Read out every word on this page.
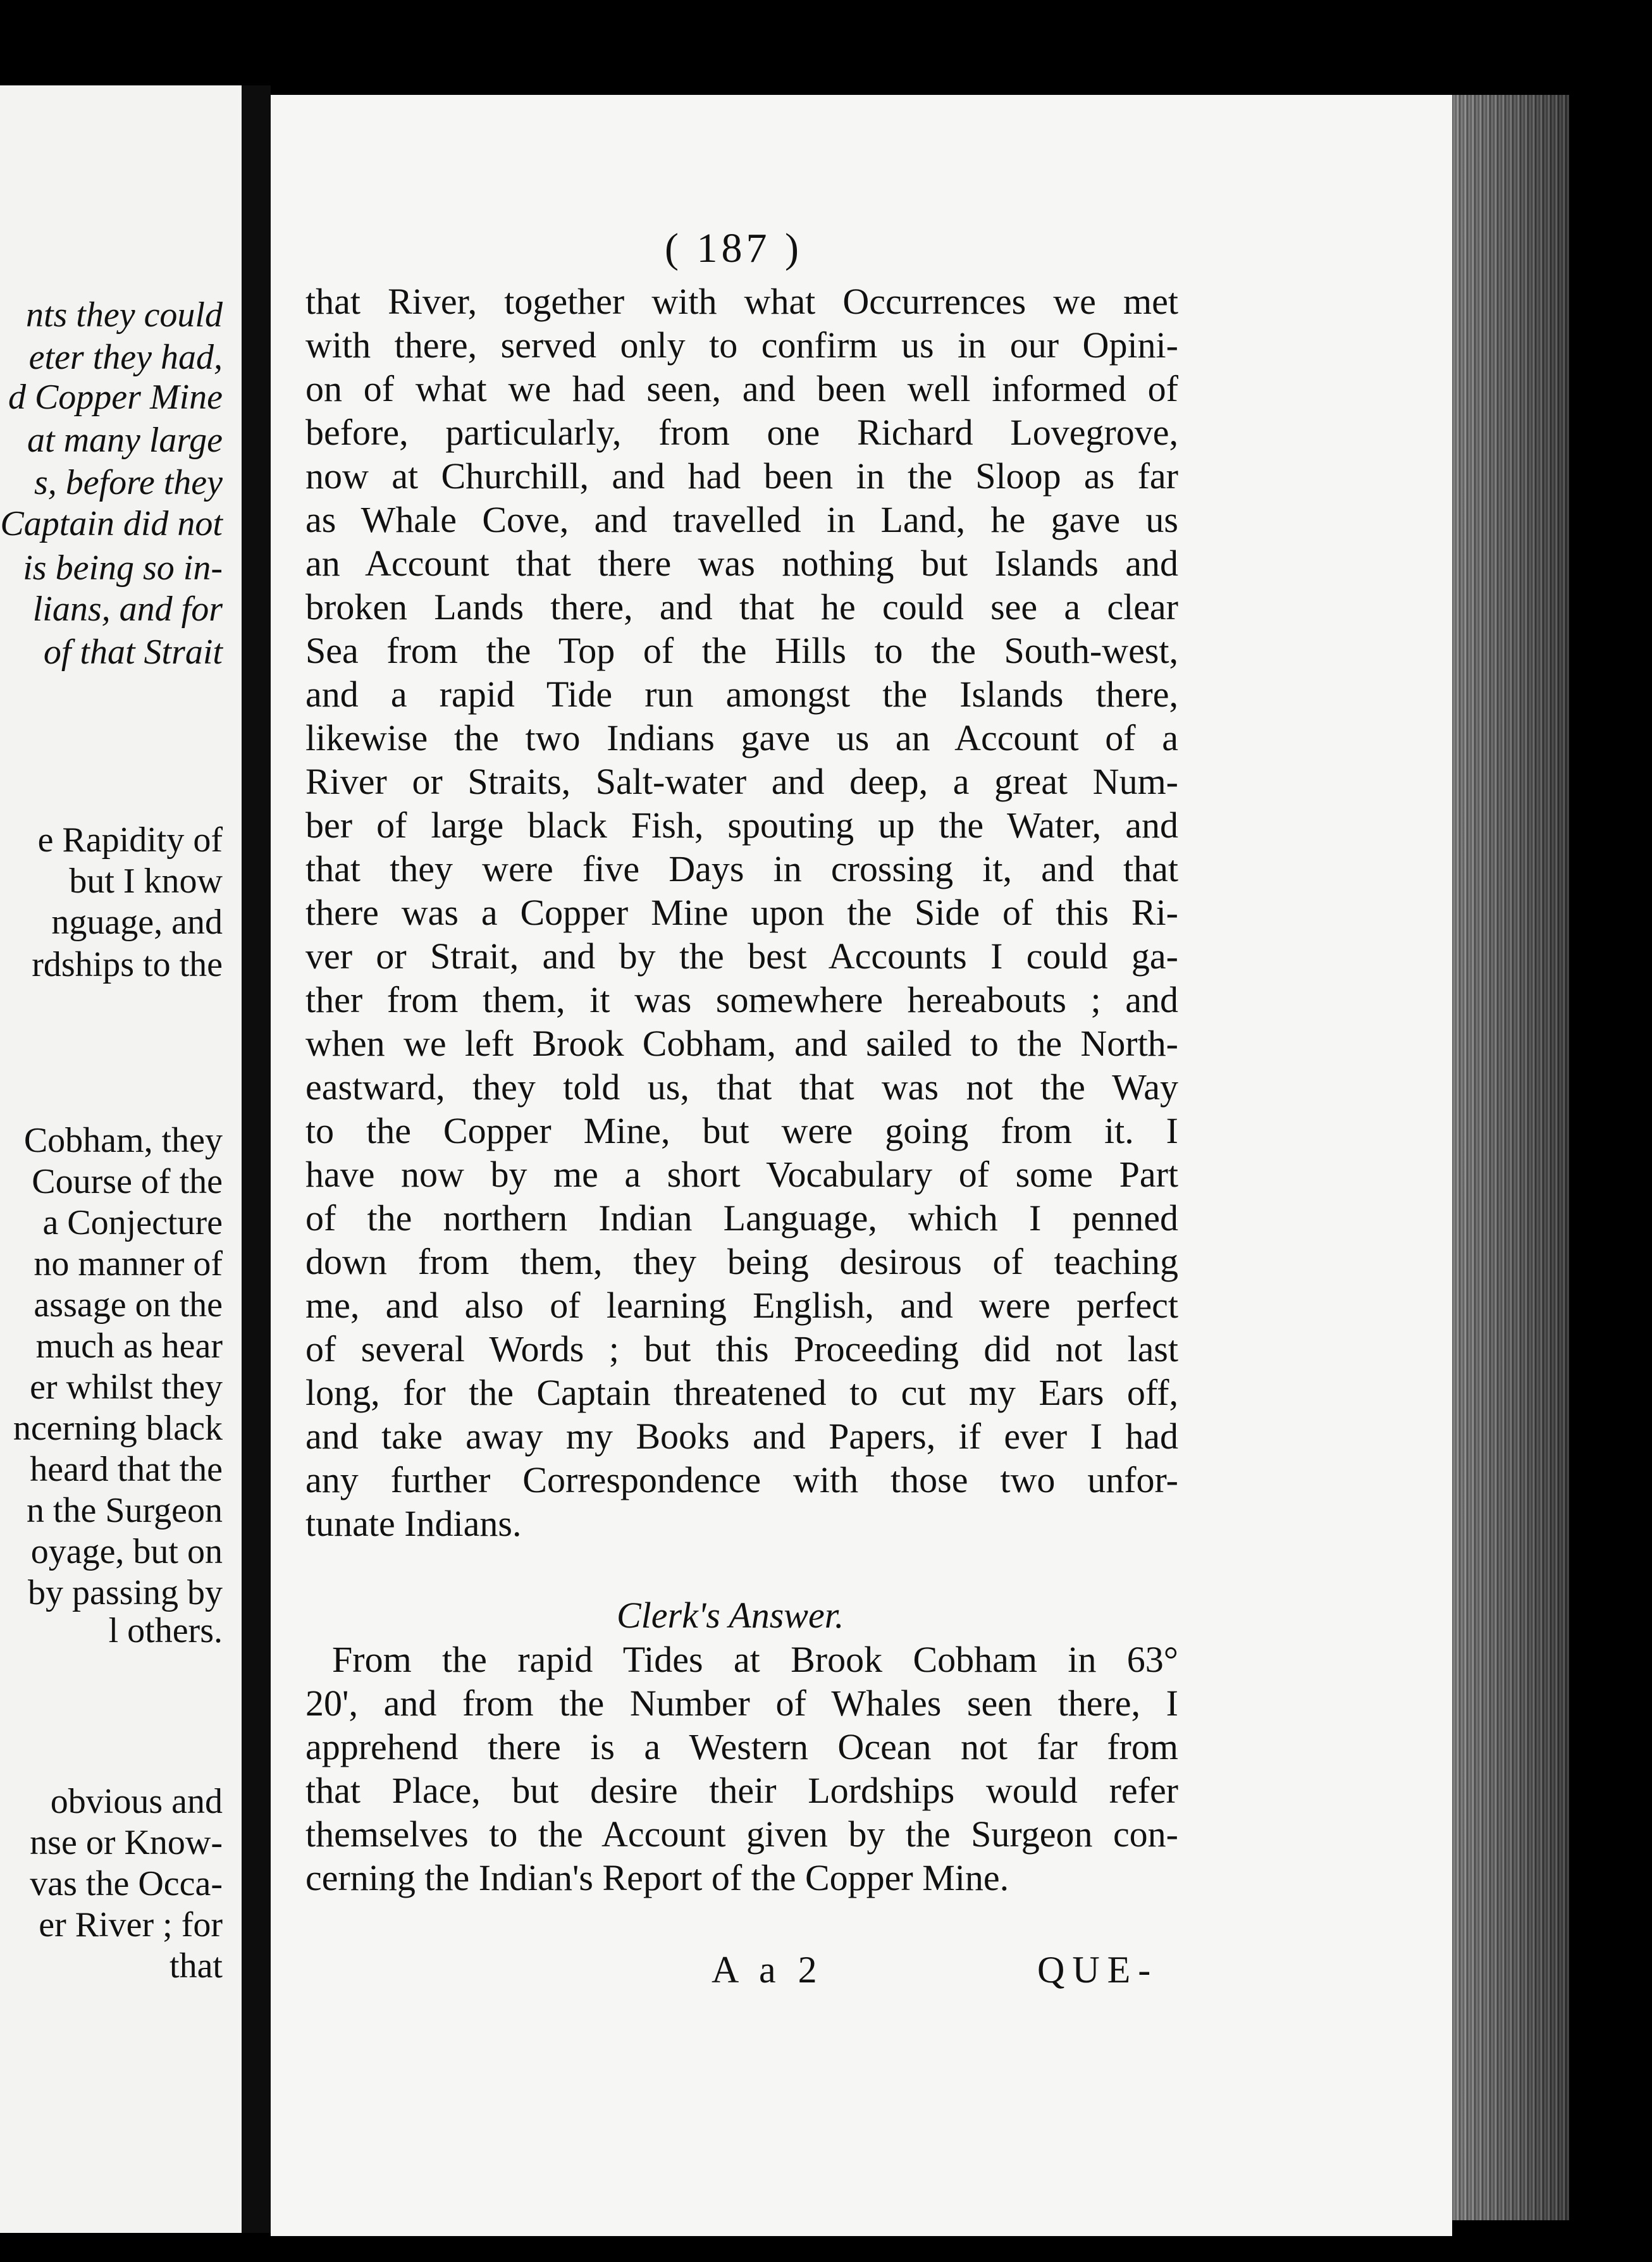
nts they could
eter they had,
d Copper Mine
at many large
s, before they
Captain did not
is being so in-
lians, and for
of that Strait
e Rapidity of
but I know
nguage, and
rdships to the
Cobham, they
Course of the
a Conjecture
no manner of
assage on the
much as hear
er whilst they
ncerning black
heard that the
n the Surgeon
oyage, but on
by passing by
l others.
obvious and
nse or Know-
vas the Occa-
er River ; for
that
( 187 )
that River, together with what Occurrences we met
with there, served only to confirm us in our Opini-
on of what we had seen, and been well informed of
before, particularly, from one Richard Lovegrove,
now at Churchill, and had been in the Sloop as far
as Whale Cove, and travelled in Land, he gave us
an Account that there was nothing but Islands and
broken Lands there, and that he could see a clear
Sea from the Top of the Hills to the South-west,
and a rapid Tide run amongst the Islands there,
likewise the two Indians gave us an Account of a
River or Straits, Salt-water and deep, a great Num-
ber of large black Fish, spouting up the Water, and
that they were five Days in crossing it, and that
there was a Copper Mine upon the Side of this Ri-
ver or Strait, and by the best Accounts I could ga-
ther from them, it was somewhere hereabouts ; and
when we left Brook Cobham, and sailed to the North-
eastward, they told us, that that was not the Way
to the Copper Mine, but were going from it. I
have now by me a short Vocabulary of some Part
of the northern Indian Language, which I penned
down from them, they being desirous of teaching
me, and also of learning English, and were perfect
of several Words ; but this Proceeding did not last
long, for the Captain threatened to cut my Ears off,
and take away my Books and Papers, if ever I had
any further Correspondence with those two unfor-
tunate Indians.
Clerk's Answer.
From the rapid Tides at Brook Cobham in 63°
20', and from the Number of Whales seen there, I
apprehend there is a Western Ocean not far from
that Place, but desire their Lordships would refer
themselves to the Account given by the Surgeon con-
cerning the Indian's Report of the Copper Mine.
A a 2	QUE-
